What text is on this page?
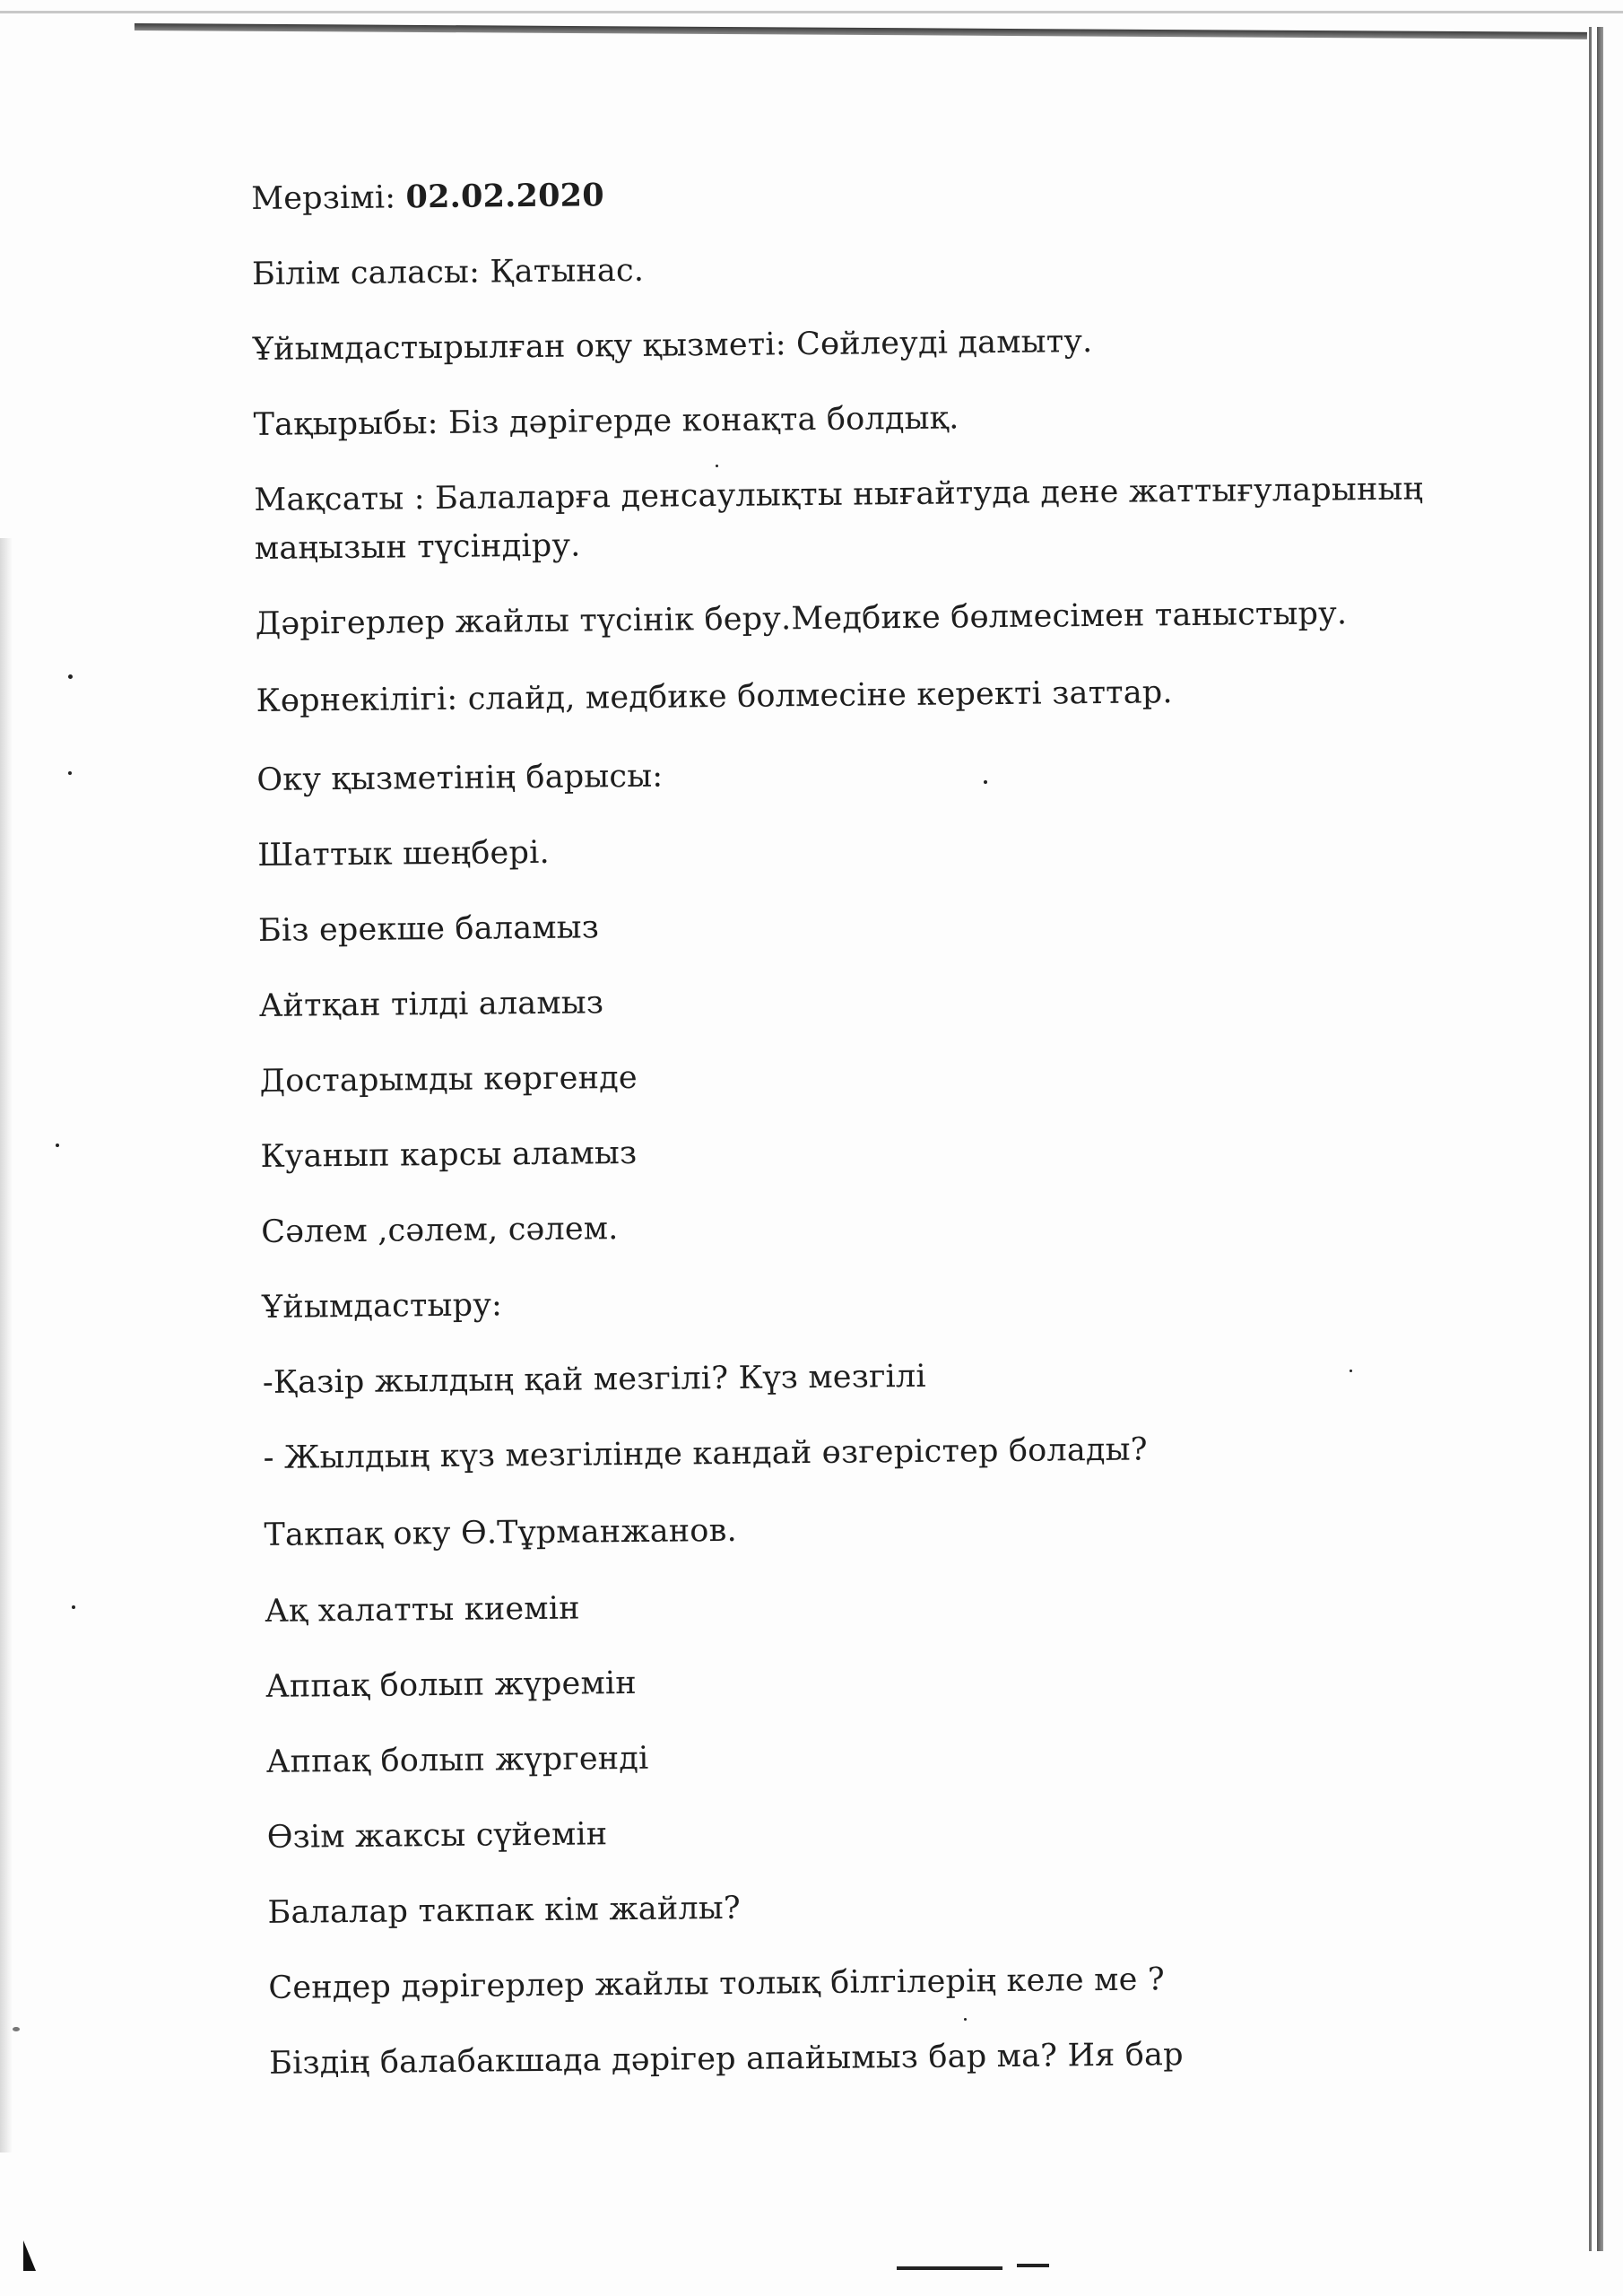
Мерзімі: 02.02.2020
Білім саласы: Қатынас.
Ұйымдастырылған оқу қызметі: Сөйлеуді дамыту.
Тақырыбы: Біз дәрігерде конақта болдық.
Мақсаты : Балаларға денсаулықты нығайтуда дене жаттығуларының
маңызын түсіндіру.
Дәрігерлер жайлы түсінік беру.Медбике бөлмесімен таныстыру.
Көрнекілігі: слайд, медбике болмесіне керекті заттар.
Оку қызметінің барысы:
Шаттык шеңбері.
Біз ерекше баламыз
Айтқан тілді аламыз
Достарымды көргенде
Куанып карсы аламыз
Сәлем ,сәлем, сәлем.
Ұйымдастыру:
-Қазір жылдың қай мезгілі? Күз мезгілі
- Жылдың күз мезгілінде кандай өзгерістер болады?
Такпақ оку Ө.Тұрманжанов.
Ақ халатты киемін
Аппақ болып жүремін
Аппақ болып жүргенді
Өзім жаксы сүйемін
Балалар такпак кім жайлы?
Сендер дәрігерлер жайлы толық білгілерің келе ме ?
Біздің балабакшада дәрігер апайымыз бар ма? Ия бар
